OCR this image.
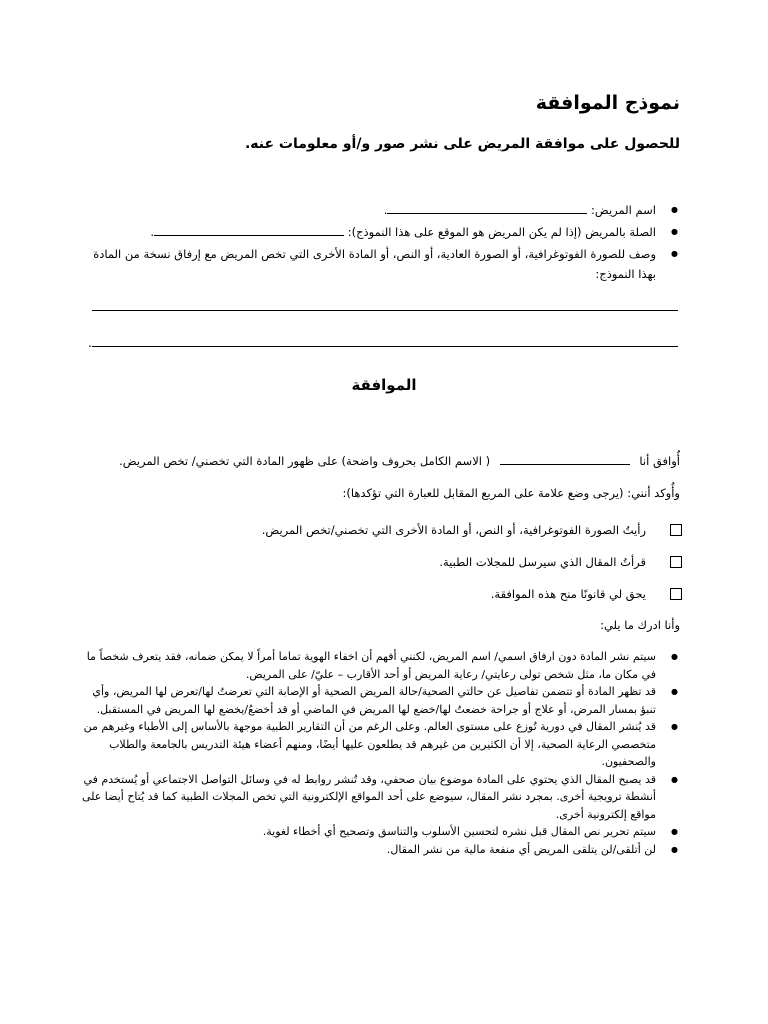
نموذج الموافقة
للحصول على موافقة المريض على نشر صور و/أو معلومات عنه.
● اسم المريض: .
● الصلة بالمريض (إذا لم يكن المريض هو الموقع على هذا النموذج): .
● وصف للصورة الفوتوغرافية، أو الصورة العادية، أو النص، أو المادة الأخرى التي تخص المريض مع إرفاق نسخة من المادة بهذا النموذج:
.
الموافقة

أُوافق أنا  ( الاسم الكامل بحروف واضحة) على ظهور المادة التي تخصني/ تخص المريض.

وأُوكد أنني: (يرجى وضع علامة على المربع المقابل للعبارة التي تؤكدها):

رأيتُ الصورة الفوتوغرافية، أو النص، أو المادة الأخرى التي تخصني/تخص المريض.
قرأتُ المقال الذي سيرسل للمجلات الطبية.
يحق لي قانونًا منح هذه الموافقة.

وأنا ادرك ما يلي:

● سيتم نشر المادة دون ارفاق اسمي/ اسم المريض، لكنني أفهم أن اخفاء الهوية تماما أمراً لا يمكن ضمانه، فقد يتعرف شخصاً ما في مكان ما، مثل شخص تولى رعايتي/ رعاية المريض أو أحد الأقارب – عليّ/ على المريض.
● قد تظهر المادة أو تتضمن تفاصيل عن حالتي الصحية/حالة المريض الصحية أو الإصابة التي تعرضتُ لها/تعرض لها المريض، وأي تنبؤ بمسار المرض، أو علاج أو جراحة خضعتُ لها/خضع لها المريض في الماضي أو قد أخضعُ/يخضع لها المريض في المستقبل.
● قد يُنشر المقال في دورية تُوزع على مستوى العالم. وعلى الرغم من أن التقارير الطبية موجهة بالأساس إلى الأطباء وغيرهم من متخصصي الرعاية الصحية، إلا أن الكثيرين من غيرهم قد يطلعون عليها أيضًا، ومنهم أعضاء هيئة التدريس بالجامعة والطلاب والصحفيون.
● قد يصبح المقال الذي يحتوي على المادة موضوع بيان صحفي، وقد تُنشر روابط له في وسائل التواصل الاجتماعي أو يُستخدم في أنشطة ترويجية أخرى. بمجرد نشر المقال، سيوضع على أحد المواقع الإلكترونية التي تخص المجلات الطبية كما قد يُتاح أيضا على مواقع إلكترونية أخرى.
● سيتم تحرير نص المقال قبل نشره لتحسين الأسلوب والتناسق وتصحيح أي أخطاء لغوية.
● لن أتلقى/لن يتلقى المريض أي منفعة مالية من نشر المقال.
